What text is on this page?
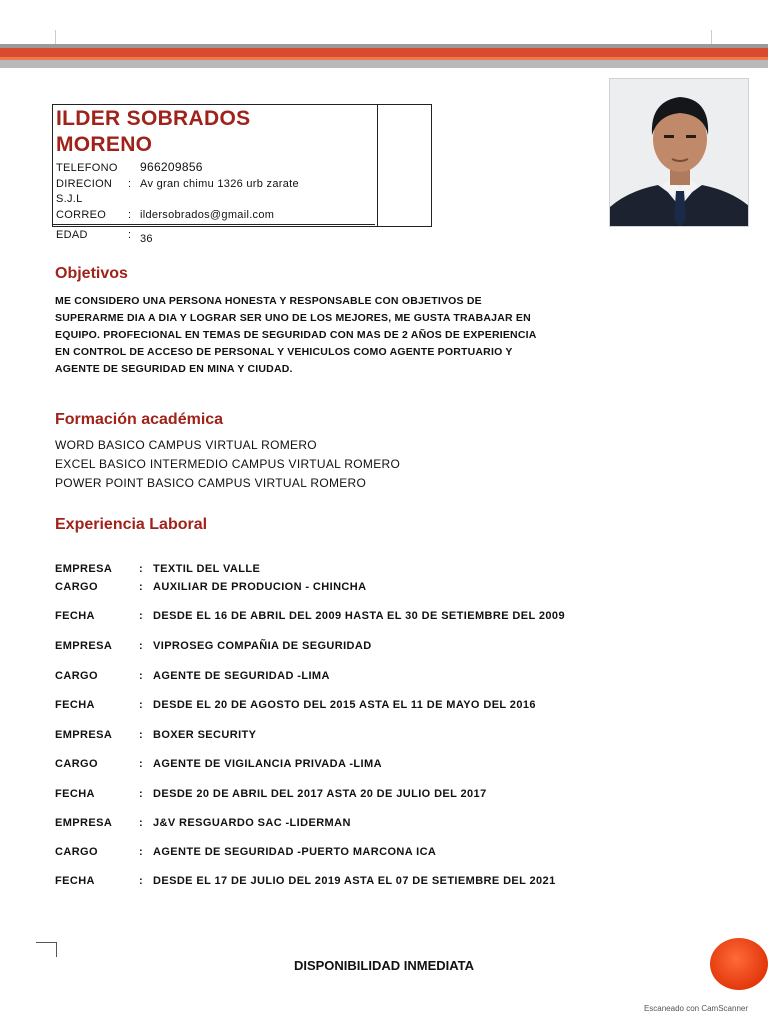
ILDER SOBRADOS
MORENO
TELEFONO 966209856
DIRECION : Av gran chimu 1326 urb zarate
S.J.L
CORREO : ildersobrados@gmail.com
EDAD	: 36
Objetivos
ME CONSIDERO UNA PERSONA HONESTA Y RESPONSABLE CON OBJETIVOS DE
SUPERARME DIA A DIA Y LOGRAR SER UNO DE LOS MEJORES, ME GUSTA TRABAJAR EN
EQUIPO. PROFECIONAL EN TEMAS DE SEGURIDAD CON MAS DE 2 AÑOS DE EXPERIENCIA
EN CONTROL DE ACCESO DE PERSONAL Y VEHICULOS COMO AGENTE PORTUARIO Y
AGENTE DE SEGURIDAD EN MINA Y CIUDAD.
Formación académica
WORD BASICO CAMPUS VIRTUAL ROMERO
EXCEL BASICO INTERMEDIO CAMPUS VIRTUAL ROMERO
POWER POINT BASICO CAMPUS VIRTUAL ROMERO
Experiencia Laboral
EMPRESA : TEXTIL DEL VALLE
CARGO	: AUXILIAR DE PRODUCION - CHINCHA
FECHA	: DESDE EL 16 DE ABRIL DEL 2009 HASTA EL 30 DE SETIEMBRE DEL 2009
EMPRESA : VIPROSEG COMPAÑIA DE SEGURIDAD
CARGO	: AGENTE DE SEGURIDAD -LIMA
FECHA	: DESDE EL 20 DE AGOSTO DEL 2015 ASTA EL 11 DE MAYO DEL 2016
EMPRESA : BOXER SECURITY
CARGO	: AGENTE DE VIGILANCIA PRIVADA -LIMA
FECHA	: DESDE 20 DE ABRIL DEL 2017 ASTA 20 DE JULIO DEL 2017
EMPRESA : J&V RESGUARDO SAC -LIDERMAN
CARGO	: AGENTE DE SEGURIDAD -PUERTO MARCONA ICA
FECHA	: DESDE EL 17 DE JULIO DEL 2019 ASTA EL 07 DE SETIEMBRE DEL 2021
DISPONIBILIDAD INMEDIATA
Escaneado con CamScanner
